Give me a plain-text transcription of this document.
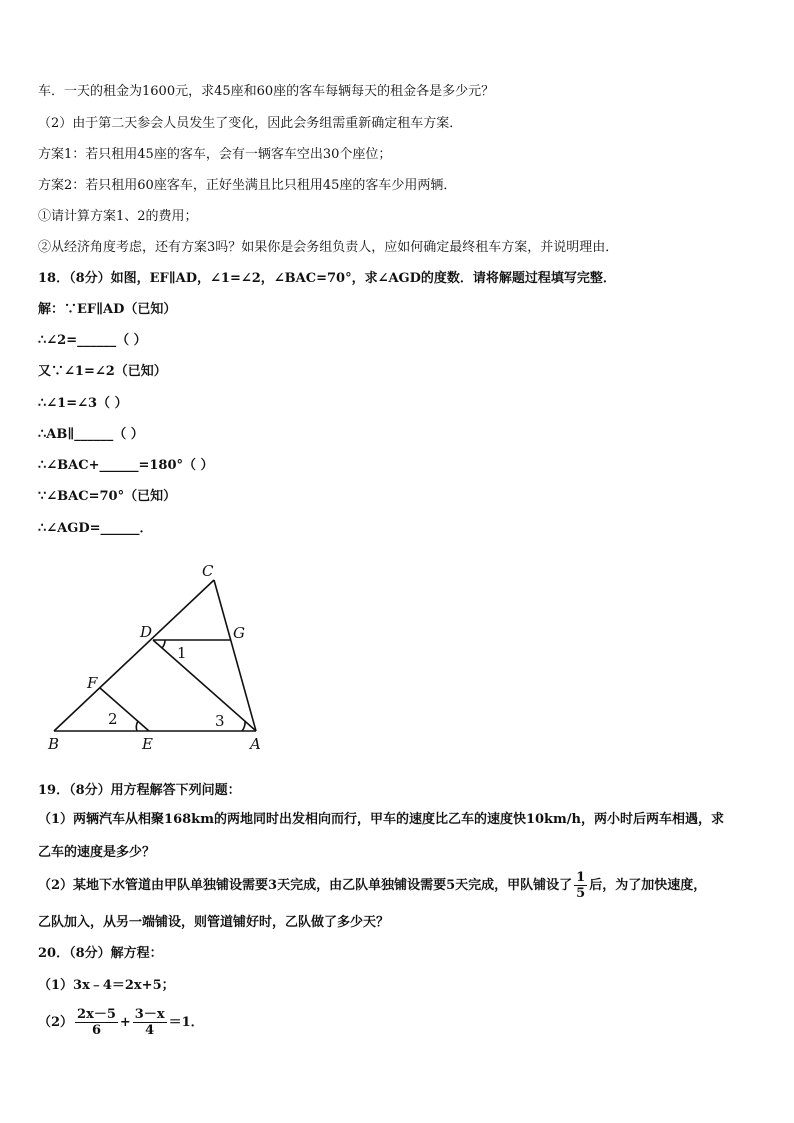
车．一天的租金为1600元，求45座和60座的客车每辆每天的租金各是多少元？
（2）由于第二天参会人员发生了变化，因此会务组需重新确定租车方案．
方案1：若只租用45座的客车，会有一辆客车空出30个座位；
方案2：若只租用60座客车，正好坐满且比只租用45座的客车少用两辆．
①请计算方案1、2的费用；
②从经济角度考虑，还有方案3吗？如果你是会务组负责人，应如何确定最终租车方案，并说明理由．
18．（8分）如图，EF∥AD，∠1=∠2，∠BAC=70°，求∠AGD的度数．请将解题过程填写完整．
解：∵EF∥AD（已知）
∴∠2=______（ ）
又∵∠1=∠2（已知）
∴∠1=∠3（ ）
∴AB∥______（ ）
∴∠BAC+______=180°（ ）
∵∠BAC=70°（已知）
∴∠AGD=______．
C
D	G
F
B	E	A
1
2	3
19．（8分）用方程解答下列问题：
（1）两辆汽车从相聚168km的两地同时出发相向而行，甲车的速度比乙车的速度快10km/h，两小时后两车相遇，求
乙车的速度是多少？
（2）某地下水管道由甲队单独铺设需要3天完成，由乙队单独铺设需要5天完成，甲队铺设了 $\frac{1}{5}$ 后，为了加快速度，
乙队加入，从另一端铺设，则管道铺好时，乙队做了多少天？
20．（8分）解方程：
（1）3x﹣4＝2x+5；
$(2) \frac{2x-5}{6} + \frac{3-x}{4} =1$．
